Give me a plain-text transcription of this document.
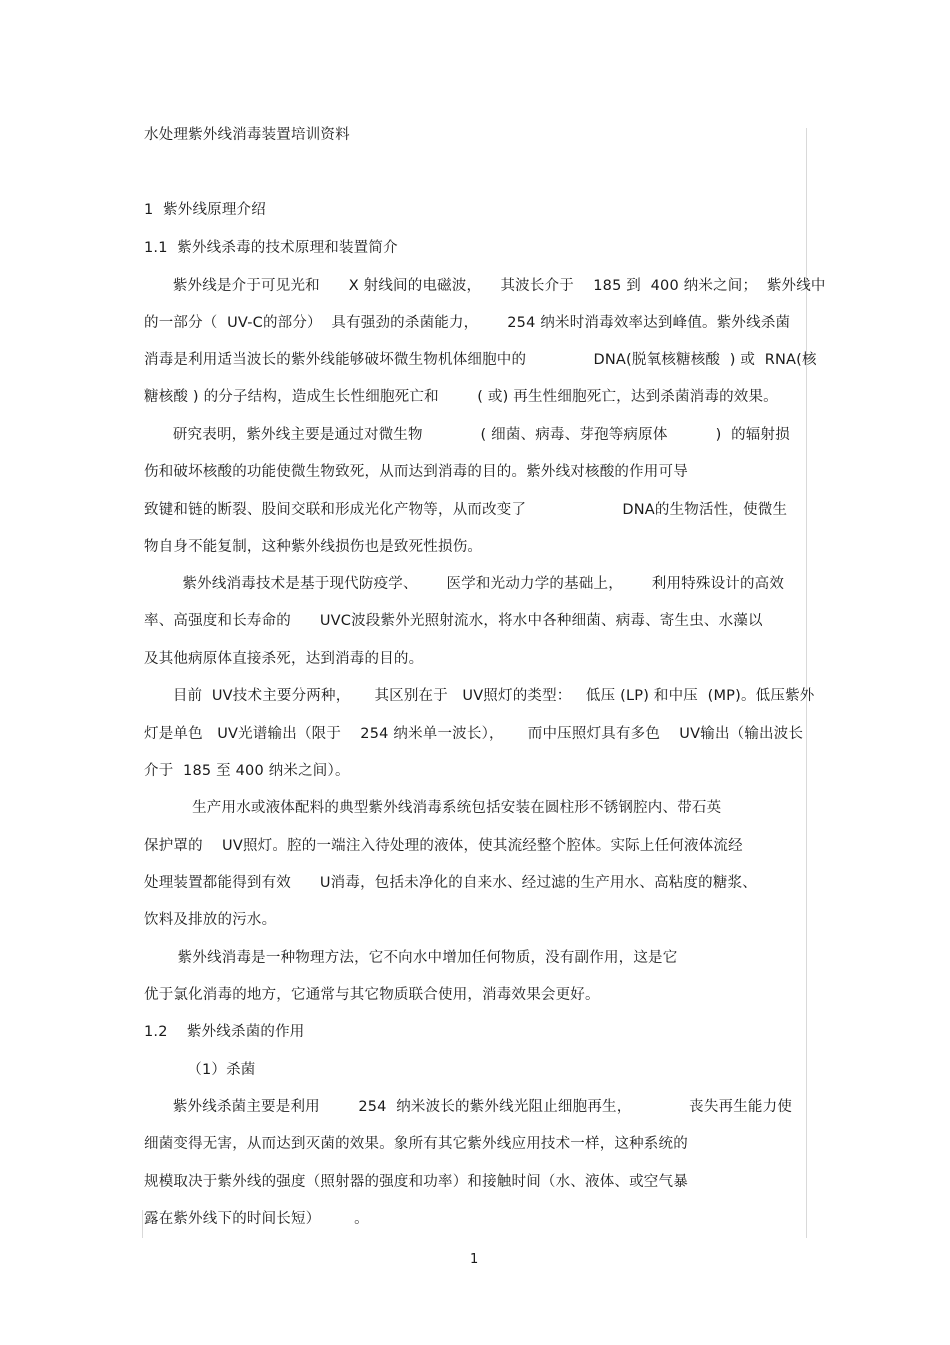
水处理紫外线消毒装置培训资料
1  紫外线原理介绍
1.1  紫外线杀毒的技术原理和装置简介
紫外线是介于可见光和      X 射线间的电磁波，    其波长介于    185 到  400 纳米之间；  紫外线中
的一部分（  UV-C的部分）  具有强劲的杀菌能力，      254 纳米时消毒效率达到峰值。紫外线杀菌
消毒是利用适当波长的紫外线能够破坏微生物机体细胞中的              DNA(脱氧核糖核酸  ) 或  RNA(核
糖核酸 ) 的分子结构，造成生长性细胞死亡和        ( 或) 再生性细胞死亡，达到杀菌消毒的效果。
研究表明，紫外线主要是通过对微生物            ( 细菌、病毒、芽孢等病原体          )  的辐射损
伤和破坏核酸的功能使微生物致死，从而达到消毒的目的。紫外线对核酸的作用可导
致键和链的断裂、股间交联和形成光化产物等，从而改变了                    DNA的生物活性，使微生
物自身不能复制，这种紫外线损伤也是致死性损伤。
紫外线消毒技术是基于现代防疫学、      医学和光动力学的基础上，      利用特殊设计的高效
率、高强度和长寿命的      UVC波段紫外光照射流水，将水中各种细菌、病毒、寄生虫、水藻以
及其他病原体直接杀死，达到消毒的目的。
目前  UV技术主要分两种，     其区别在于   UV照灯的类型：   低压 (LP) 和中压  (MP)。低压紫外
灯是单色   UV光谱输出（限于    254 纳米单一波长），     而中压照灯具有多色    UV输出（输出波长
介于  185 至 400 纳米之间）。
生产用水或液体配料的典型紫外线消毒系统包括安装在圆柱形不锈钢腔内、带石英
保护罩的    UV照灯。腔的一端注入待处理的液体，使其流经整个腔体。实际上任何液体流经
处理装置都能得到有效      U消毒，包括未净化的自来水、经过滤的生产用水、高粘度的糖浆、
饮料及排放的污水。
紫外线消毒是一种物理方法，它不向水中增加任何物质，没有副作用，这是它
优于氯化消毒的地方，它通常与其它物质联合使用，消毒效果会更好。
1.2    紫外线杀菌的作用
（1）杀菌
紫外线杀菌主要是利用        254  纳米波长的紫外线光阻止细胞再生，            丧失再生能力使
细菌变得无害，从而达到灭菌的效果。象所有其它紫外线应用技术一样，这种系统的
规模取决于紫外线的强度（照射器的强度和功率）和接触时间（水、液体、或空气暴
露在紫外线下的时间长短）       。
1
